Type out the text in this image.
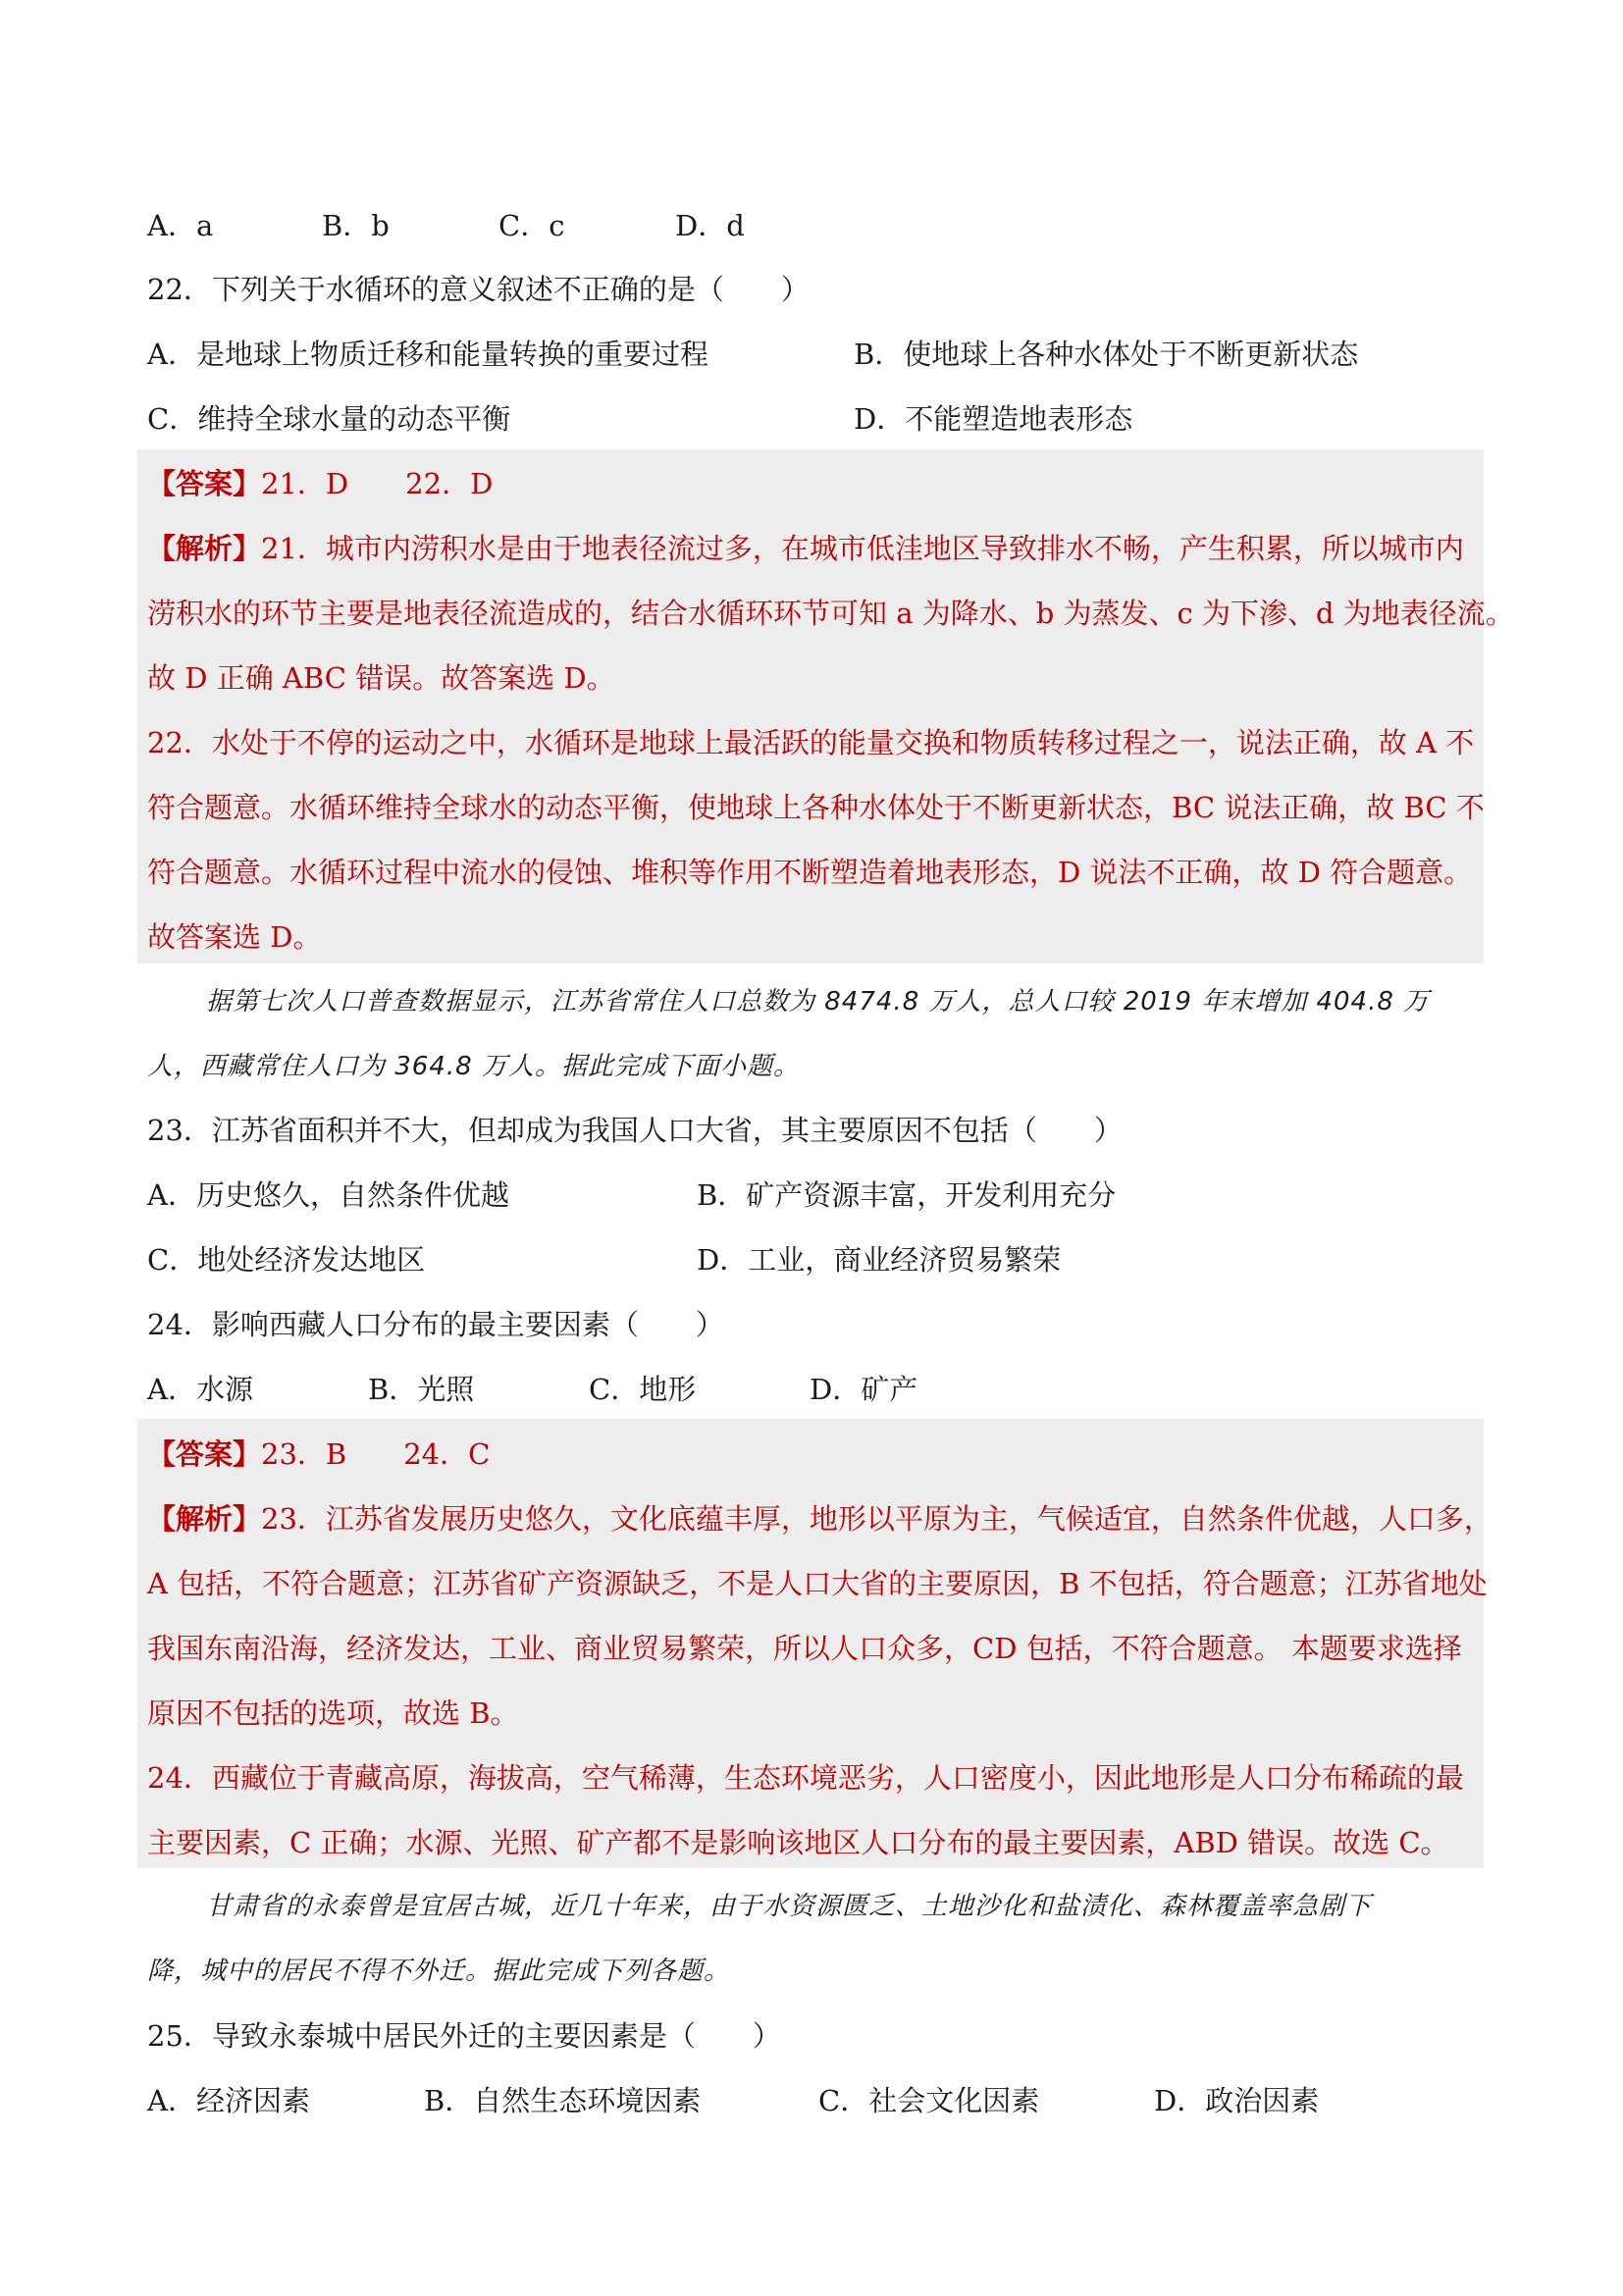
A．a	B．b	C．c	D．d
22．下列关于水循环的意义叙述不正确的是（　　）
A．是地球上物质迁移和能量转换的重要过程	B．使地球上各种水体处于不断更新状态
C．维持全球水量的动态平衡	D．不能塑造地表形态
【答案】21．D　　22．D
【解析】21．城市内涝积水是由于地表径流过多，在城市低洼地区导致排水不畅，产生积累，所以城市内
涝积水的环节主要是地表径流造成的，结合水循环环节可知 a 为降水、b 为蒸发、c 为下渗、d 为地表径流。
故 D 正确 ABC 错误。故答案选 D。
22．水处于不停的运动之中，水循环是地球上最活跃的能量交换和物质转移过程之一，说法正确，故 A 不
符合题意。水循环维持全球水的动态平衡，使地球上各种水体处于不断更新状态，BC 说法正确，故 BC 不
符合题意。水循环过程中流水的侵蚀、堆积等作用不断塑造着地表形态，D 说法不正确，故 D 符合题意。
故答案选 D。
据第七次人口普查数据显示，江苏省常住人口总数为 8474.8 万人，总人口较 2019 年末增加 404.8 万
人，西藏常住人口为 364.8 万人。据此完成下面小题。
23．江苏省面积并不大，但却成为我国人口大省，其主要原因不包括（　　）
A．历史悠久，自然条件优越	B．矿产资源丰富，开发利用充分
C．地处经济发达地区	D．工业，商业经济贸易繁荣
24．影响西藏人口分布的最主要因素（　　）
A．水源	B．光照	C．地形	D．矿产
【答案】23．B　　24．C
【解析】23．江苏省发展历史悠久，文化底蕴丰厚，地形以平原为主，气候适宜，自然条件优越，人口多，
A 包括，不符合题意；江苏省矿产资源缺乏，不是人口大省的主要原因，B 不包括，符合题意；江苏省地处
我国东南沿海，经济发达，工业、商业贸易繁荣，所以人口众多，CD 包括，不符合题意。 本题要求选择
原因不包括的选项，故选 B。
24．西藏位于青藏高原，海拔高，空气稀薄，生态环境恶劣，人口密度小，因此地形是人口分布稀疏的最
主要因素，C 正确；水源、光照、矿产都不是影响该地区人口分布的最主要因素，ABD 错误。故选 C。
甘肃省的永泰曾是宜居古城，近几十年来，由于水资源匮乏、土地沙化和盐渍化、森林覆盖率急剧下
降，城中的居民不得不外迁。据此完成下列各题。
25．导致永泰城中居民外迁的主要因素是（　　）
A．经济因素	B．自然生态环境因素	C．社会文化因素	D．政治因素
